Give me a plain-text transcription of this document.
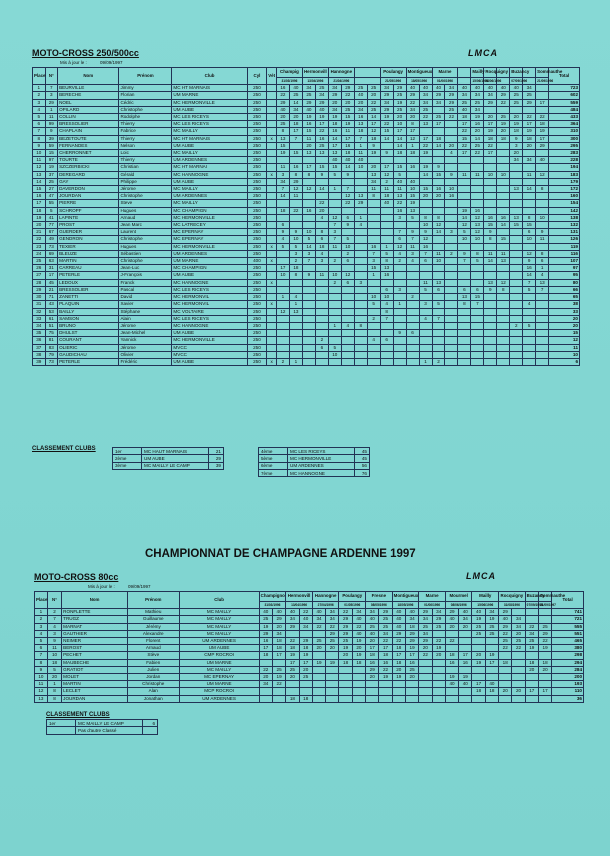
MOTO-CROSS 250/500cc	LMCA
Mis à jour le :	09/09/1997
Place	N°	Nom	Prénom	Club	Cyl	Vét	Champig		Hermonvill		Hannogne				Poulangy		Montigueux		Marne			Mailly	Rocquigny		Buzancy		Sommauthe	Total
							31/03/1996		13/04/1996		21/04/1996				21/05/1996		18/05/1996		01/06/1996			15/06/1996	24/06/1996		07/09/1996		21/09/1996	
1	7	BEURVILLE	Jimmy	MC HT MARNAIS	250		16	40	34	25	34	29	25	25	34	29	40	40	40	34	40	40	40	40	40	34		723
2	3	BERECHE	Florian	UM MARNE	250		22	25	25	34	29	22	40	20	29	25	29	34	29	29	34	34	34	29	25	25		602
3	29	NOEL	Cédric	MC HERMONVILLE	250		29	14	29	29	20	20	20	22	34	19	22	34	34	29	25	25	29	22	25	29	17	559
4	1	OPILARD	Christophe	UM AUBE	250		40	34	40	40	34	25	34	25	29	25	34	25		25	40	34						484
5	11	COLLIN	Rodolphe	MC LES RICEYS	250		20	20	19	19	19	15	16	14	19	20	20	22	25	22	18	19	20	25	20	22	22	433
6	99	BRESSOLIER	Thierry	MC LES RICEYS	250		25	18	16	17	18	19	13	17	22	10	8	13	17		17	16	17	19	19	17	18	364
7	9	CHAPLAIN	Fabrice	MC MAILLY	250		8	17	15	22	16	11	18	12	15	17	17				22	20	19	20	18	19	19	310
8	39	BEZETOUTE	Thierry	MC HT MARNAIS	250	x	13	7	11	16	14	17	7	18	14	14	12	17	18		15	14	18	18	9	18	17	300
9	59	FERNANDES	Nelson	UM AUBE	250		15		20	25	17	16	1	9		14	1	22	14	20	22	25	22		3	20	29	295
10	15	CHERRONNET	Loic	MC MAILLY	250		19	15	13	13	13	18	11	19	9	18	18	19		4	17	22	17		20			283
11	97	TOURTE	Thierry	UM ARDENNES	250						40	40	40												34	34	40	228
12	19	SZCZERBICKI	Christian	MC HT MARNAI	250		11	16	17	15	15	14	10	20	17	15	16	19	9									194
13	37	DEREGARD	Gérald	MC HANNOGNE	250	x	3	8	8	9	5	9		13	12	5		14	15	9	11	11	10	10		11	12	183
14	25	GAY	Philippe	UM AUBE	250		34	29						34	2	40	40											179
15	27	DAVERDON	Jérome	MC MAILLY	250		7	12	12	14	1	7		11	11	11	10	15	16	10					13	14	8	172
16	47	JOURDAN	Christophe	UM ARDENNES	250		14	11				12	13	8	18	13	15	20	20	16								160
17	55	PIERRE	Steve	MC MAILLY	250					22		22	29		40	22	19											154
18	5	SCHROPF	Hugues	MC CHAMPIGN	250		18	22	16	20						16	13				19	16						142
19	41	LAPINTE	Arnaud	MC HERMONVILLE	250					4	12	6	1			3	5	8	8		14	12	16	16	13	8	10	138
20	77	PROST	Jean Marc	MC LATRECEY	250		6				7	9	4					10	12		12	13	15	14	15	15		132
21	67	GUERDER	Laurent	MC EPERNAY	250		9	9	10	8	3					7	9	9	14	3	5	12	9			6	9	131
22	49	GENDRON	Christophe	MC EPERNAY	250		4	10	5	6	7	5				6	7	12			10	10	8	15		10	11	126
23	73	TEXIER	Hugues	MC HERMONVILLE	250	x	5	5	14	18	11	10		16	1	12	11	16										119
24	69	BLEUZE	Sébastien	UM ARDENNES	250			3	3	4		2		7	5	4	3	7	11	2	9	8	11	11		12	8	116
25	63	MARTIN	Christophe	UM MARNE	400	x		2	7	3	2	6		3	8	2	4	6	10		7	5	14	13		9	6	107
26	31	CARREAU	Jean-Luc	MC CHAMPIGN	250		17	18						15	13											16	1	97
27	17	PETERLE	J-François	UM AUBE	250		10	8	9	11	10	12		1	16											14	4	95
28	45	LEDOUX	Franck	MC HANNOGNE	250	x					2	6	3					11	13				13	12		7	13	80
29	21	BRESSOLIER	Pascal	MC LES RICEYS	250										6	3		5	6		6	6	9	8		5	7	66
30	71	ZANETTI	David	MC HERMONVIL	250		1	4						10	10		2				13	15						65
31	43	PLAQUIN	Xavier	MC HERMONVIL	250	x		1						5	4	1		3	5		8	7				4		38
32	53	BAILLY	Stéphane	MC VOLTAIRE	250		12	13							8													33
33	61	SAMSON	Alain	MC LES RICEYS	250									2	7			4	7									20
34	51	BRUNO	Jérome	MC HANNOGNE	250						1	4	8												2	5		20
35	75	DHULST	Jean-Michel	UM AUBE	250											9	6											15
36	81	COURANT	Yannick	MC HERMONVILLE	250					2				4	6													12
37	83	OLIERIC	Jérome	MVCC	250					6	5																	11
38	79	GAUDICHAU	Olivier	MVCC	250						10																	10
39	73	PETERLE	Frédéric	UM AUBE	250	x	2	1										1	2									6
CLASSEMENT CLUBS	1er	MC HAUT MARNAIS	21
2ème	UM AUBE	29
3ème	MC MAILLY LE CAMP	39
4ème	MC LES RICEYS	45
5ème	MC HERMONVILLE	45
6ème	UM ARDENNES	56
7ème	MC HANNOGNE	76
CHAMPIONNAT DE CHAMPAGNE ARDENNE 1997
MOTO-CROSS 80cc	LMCA
Mis à jour le :	09/09/1997
Place	N°	Nom	Prénom	Club	Champigno		Hermonvill		Hannogne		Poulangy		Fresne		Montigueux		Marne		Mourmel		Mailly		Rocquigny		Buzancy	Sommauthe	Total
					31/03/1996		13/04/1996		27/04/1996		01/05/1996		08/05/1996		18/05/1996		01/06/1996		08/06/1996		15/06/1996		31/08/1996		07/09/1996	21/09/1997	
1	2	RONFLETTE	Mathieu	MC MAILLY	40	40	40	22	40	34	22	34	34	29	40	40	29	34	29	40	40	34	29				741
2	7	TRUGZ	Guillaume	MC MAILLY	25	29	34	40	34	34	29	40	40	25	40	34	34	29	40	34	19	19	40	34			721
3	4	MARNAT	Jérémy	MC MAILLY	19	20	29	34	22	22	29	22	25	25	40	18	25	25	20	20	25	25	29	34	22	25	555
4	3	GAUTHIER	Alexandre	MC MAILLY	29	34				29	29	40	40	34	29	29	34				25	25	22	20	34	29	551
5	9	NEIMER	Florent	UM ARDENNES	16	18	22	29	25	25	25	19	20	22	22	29	29	22	22				25	25	25	22	465
6	11	BEROST	Arnaud	UM AUBE	17	18	18	18	20	20	19	20	17	17	18	19	20	19					22	22	19	19	380
7	10	PECHET	Stève	CMP ROCROI	18	17	19	19			20	19	18	18	17	17	22	20	18	17	20	19					298
8	18	MAUBECHE	Fabien	UM MARNE			17	17	19	19	18	18	16	16	18	16			16	16	19	17	18		18	18	294
9	5	GRATIOT	Julien	MC MAILLY	22	25	25	20					29	22	20	25									20	20	284
10	20	MOLET	Jordan	MC EPERNAY	20	19	20	25					20	19	19	20			19	19							200
11	1	MARTIN	Christophe	UM MARNE	34	22													40	40	17	40					193
12	8	LECLET	Alan	MCP ROCROI																	18	18	20	20	17	17	110
13	8	JOURDAN	Jonathan	UM ARDENNES			18	18																			36
CLASSEMENT CLUBS
1er	MC MAILLY LE CAMP	6
	Pas d'autre Classé	
